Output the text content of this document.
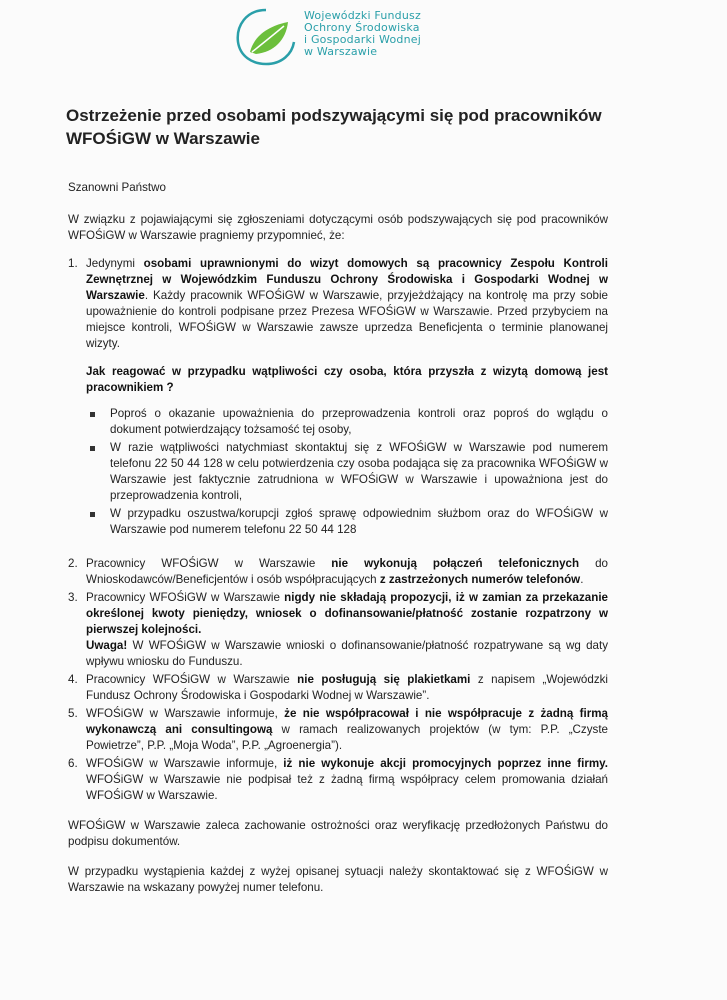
Wojewódzki Fundusz
Ochrony Środowiska
i Gospodarki Wodnej
w Warszawie
Ostrzeżenie przed osobami podszywającymi się pod pracowników WFOŚiGW w Warszawie

Szanowni Państwo

W związku z pojawiającymi się zgłoszeniami dotyczącymi osób podszywających się pod pracowników WFOŚiGW w Warszawie pragniemy przypomnieć, że:

1. Jedynymi osobami uprawnionymi do wizyt domowych są pracownicy Zespołu Kontroli Zewnętrznej w Wojewódzkim Funduszu Ochrony Środowiska i Gospodarki Wodnej w Warszawie. Każdy pracownik WFOŚiGW w Warszawie, przyjeżdżający na kontrolę ma przy sobie upoważnienie do kontroli podpisane przez Prezesa WFOŚiGW w Warszawie. Przed przybyciem na miejsce kontroli, WFOŚiGW w Warszawie zawsze uprzedza Beneficjenta o terminie planowanej wizyty.

Jak reagować w przypadku wątpliwości czy osoba, która przyszła z wizytą domową jest pracownikiem ?

Poproś o okazanie upoważnienia do przeprowadzenia kontroli oraz poproś do wglądu o dokument potwierdzający tożsamość tej osoby,
W razie wątpliwości natychmiast skontaktuj się z WFOŚiGW w Warszawie pod numerem telefonu 22 50 44 128 w celu potwierdzenia czy osoba podająca się za pracownika WFOŚiGW w Warszawie jest faktycznie zatrudniona w WFOŚiGW w Warszawie i upoważniona jest do przeprowadzenia kontroli,
W przypadku oszustwa/korupcji zgłoś sprawę odpowiednim służbom oraz do WFOŚiGW w Warszawie pod numerem telefonu 22 50 44 128
2. Pracownicy WFOŚiGW w Warszawie nie wykonują połączeń telefonicznych do Wnioskodawców/Beneficjentów i osób współpracujących z zastrzeżonych numerów telefonów.
3. Pracownicy WFOŚiGW w Warszawie nigdy nie składają propozycji, iż w zamian za przekazanie określonej kwoty pieniędzy, wniosek o dofinansowanie/płatność zostanie rozpatrzony w pierwszej kolejności.
Uwaga! W WFOŚiGW w Warszawie wnioski o dofinansowanie/płatność rozpatrywane są wg daty wpływu wniosku do Funduszu.
4. Pracownicy WFOŚiGW w Warszawie nie posługują się plakietkami z napisem „Wojewódzki Fundusz Ochrony Środowiska i Gospodarki Wodnej w Warszawie”.
5. WFOŚiGW w Warszawie informuje, że nie współpracował i nie współpracuje z żadną firmą wykonawczą ani consultingową w ramach realizowanych projektów (w tym: P.P. „Czyste Powietrze”, P.P. „Moja Woda”, P.P. „Agroenergia”).
6. WFOŚiGW w Warszawie informuje, iż nie wykonuje akcji promocyjnych poprzez inne firmy. WFOŚiGW w Warszawie nie podpisał też z żadną firmą współpracy celem promowania działań WFOŚiGW w Warszawie.

WFOŚiGW w Warszawie zaleca zachowanie ostrożności oraz weryfikację przedłożonych Państwu do podpisu dokumentów.

W przypadku wystąpienia każdej z wyżej opisanej sytuacji należy skontaktować się z WFOŚiGW w Warszawie na wskazany powyżej numer telefonu.
